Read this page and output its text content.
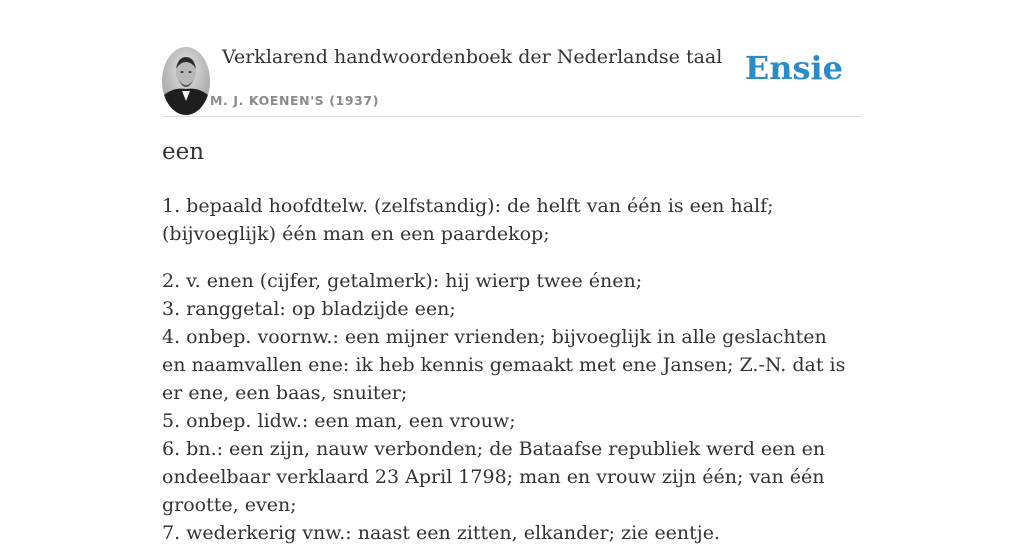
Verklarend handwoordenboek der Nederlandse taal
M. J. KOENEN'S (1937)
Ensie
een

1. bepaald hoofdtelw. (zelfstandig): de helft van één is een half; (bijvoeglijk) één man en een paardekop;

2. v. enen (cijfer, getalmerk): hij wierp twee énen;

3. ranggetal: op bladzijde een;

4. onbep. voornw.: een mijner vrienden; bijvoeglijk in alle geslachten en naamvallen ene: ik heb kennis gemaakt met ene Jansen; Z.-N. dat is er ene, een baas, snuiter;

5. onbep. lidw.: een man, een vrouw;

6. bn.: een zijn, nauw verbonden; de Bataafse republiek werd een en ondeelbaar verklaard 23 April 1798; man en vrouw zijn één; van één grootte, even;

7. wederkerig vnw.: naast een zitten, elkander; zie eentje.
